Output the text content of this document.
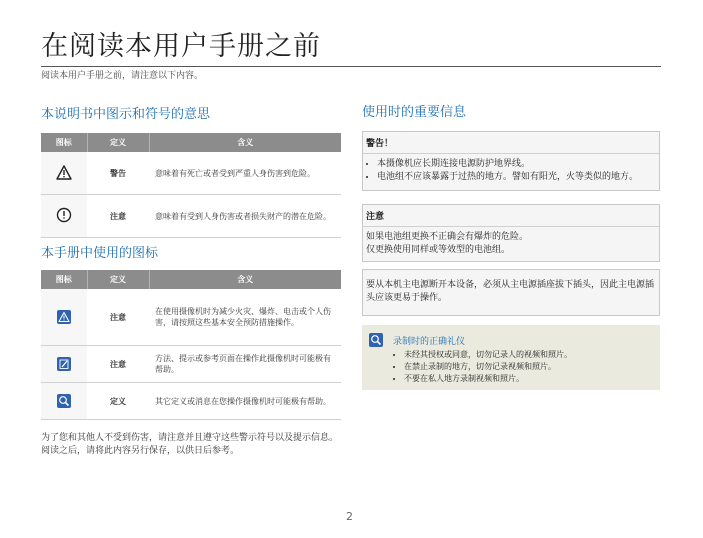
在阅读本用户手册之前
阅读本用户手册之前，请注意以下内容。
本说明书中图示和符号的意思
图标	定义	含义
	警告	意味着有死亡或者受到严重人身伤害到危险。
	注意	意味着有受到人身伤害或者损失财产的潜在危险。
本手册中使用的图标
图标	定义	含义

	注意	在使用摄像机时为减少火灾、爆炸、电击或个人伤害，请按照这些基本安全预防措施操作。

	注意	方法、提示或参考页面在操作此摄像机时可能极有帮助。

	定义	其它定义或消息在您操作摄像机时可能极有帮助。
为了您和其他人不受到伤害，请注意并且遵守这些警示符号以及提示信息。
阅读之后，请将此内容另行保存，以供日后参考。
使用时的重要信息
警告！
• 本摄像机应长期连接电源防护地界线。
• 电池组不应该暴露于过热的地方。譬如有阳光，火等类似的地方。
注意
如果电池组更换不正确会有爆炸的危险。
仅更换使用同样或等效型的电池组。
要从本机主电源断开本设备，必须从主电源插座拔下插头，因此主电源插头应该更易于操作。
录制时的正确礼仪
• 未经其授权或同意，切勿记录人的视频和照片。
• 在禁止录制的地方，切勿记录视频和照片。
• 不要在私人地方录制视频和照片。
2
